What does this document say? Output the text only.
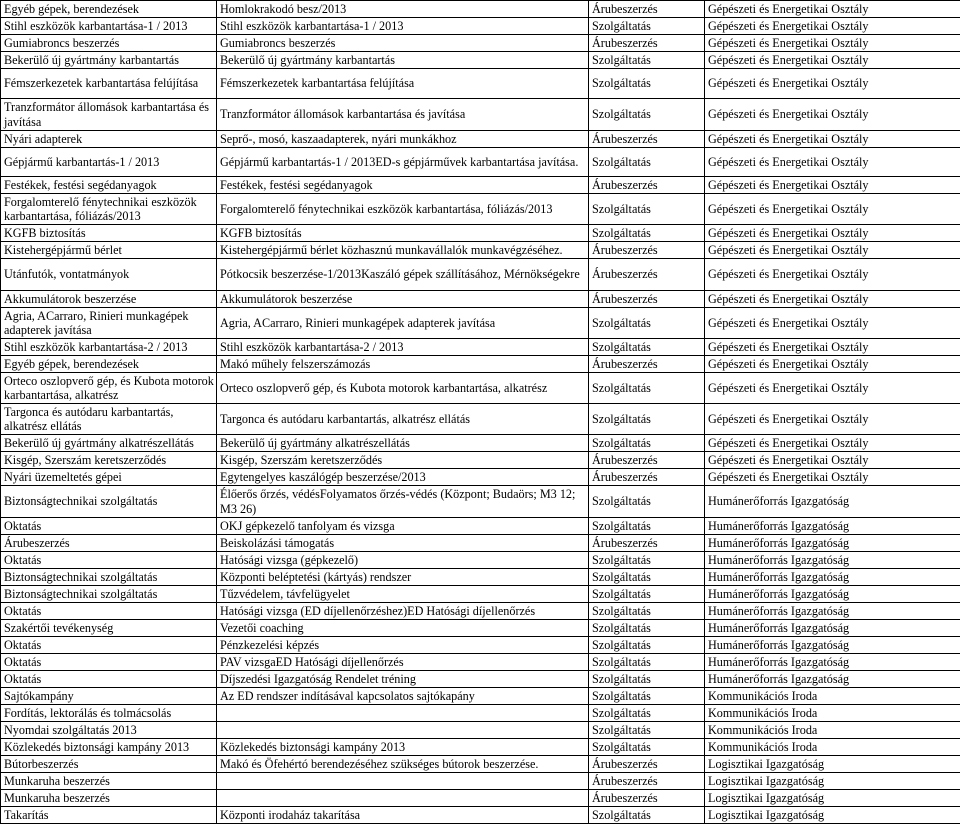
Egyéb gépek, berendezések	Homlokrakodó besz/2013	Árubeszerzés	Gépészeti és Energetikai Osztály
Stihl eszközök karbantartása-1 / 2013	Stihl eszközök karbantartása-1 / 2013	Szolgáltatás	Gépészeti és Energetikai Osztály
Gumiabroncs beszerzés	Gumiabroncs beszerzés	Árubeszerzés	Gépészeti és Energetikai Osztály
Bekerülő új gyártmány karbantartás	Bekerülő új gyártmány karbantartás	Szolgáltatás	Gépészeti és Energetikai Osztály
Fémszerkezetek karbantartása felújítása	Fémszerkezetek karbantartása felújítása	Szolgáltatás	Gépészeti és Energetikai Osztály
Tranzformátor állomások karbantartása és javítása	Tranzformátor állomások karbantartása és javítása	Szolgáltatás	Gépészeti és Energetikai Osztály
Nyári adapterek	Seprő-, mosó, kaszaadapterek, nyári munkákhoz	Árubeszerzés	Gépészeti és Energetikai Osztály
Gépjármű karbantartás-1 / 2013	Gépjármű karbantartás-1 / 2013ED-s gépjárművek karbantartása javítása.	Szolgáltatás	Gépészeti és Energetikai Osztály
Festékek, festési segédanyagok	Festékek, festési segédanyagok	Árubeszerzés	Gépészeti és Energetikai Osztály
Forgalomterelő fénytechnikai eszközök karbantartása, fóliázás/2013	Forgalomterelő fénytechnikai eszközök karbantartása, fóliázás/2013	Szolgáltatás	Gépészeti és Energetikai Osztály
KGFB biztosítás	KGFB biztosítás	Szolgáltatás	Gépészeti és Energetikai Osztály
Kistehergépjármű bérlet	Kistehergépjármű bérlet közhasznú munkavállalók munkavégzéséhez.	Árubeszerzés	Gépészeti és Energetikai Osztály
Utánfutók, vontatmányok	Pótkocsik beszerzése-1/2013Kaszáló gépek szállításához, Mérnökségekre	Árubeszerzés	Gépészeti és Energetikai Osztály
Akkumulátorok beszerzése	Akkumulátorok beszerzése	Árubeszerzés	Gépészeti és Energetikai Osztály
Agria, ACarraro, Rinieri munkagépek adapterek javítása	Agria, ACarraro, Rinieri munkagépek adapterek javítása	Szolgáltatás	Gépészeti és Energetikai Osztály
Stihl eszközök karbantartása-2 / 2013	Stihl eszközök karbantartása-2 / 2013	Szolgáltatás	Gépészeti és Energetikai Osztály
Egyéb gépek, berendezések	Makó műhely felszerszámozás	Árubeszerzés	Gépészeti és Energetikai Osztály
Orteco oszlopverő gép, és Kubota motorok karbantartása, alkatrész	Orteco oszlopverő gép, és Kubota motorok karbantartása, alkatrész	Szolgáltatás	Gépészeti és Energetikai Osztály
Targonca és autódaru karbantartás, alkatrész ellátás	Targonca és autódaru karbantartás, alkatrész ellátás	Szolgáltatás	Gépészeti és Energetikai Osztály
Bekerülő új gyártmány alkatrészellátás	Bekerülő új gyártmány alkatrészellátás	Szolgáltatás	Gépészeti és Energetikai Osztály
Kisgép, Szerszám keretszerződés	Kisgép, Szerszám keretszerződés	Árubeszerzés	Gépészeti és Energetikai Osztály
Nyári üzemeltetés gépei	Egytengelyes kaszálógép beszerzése/2013	Árubeszerzés	Gépészeti és Energetikai Osztály
Biztonságtechnikai szolgáltatás	Élőerős őrzés, védésFolyamatos őrzés-védés (Központ; Budaörs; M3 12; M3 26)	Szolgáltatás	Humánerőforrás Igazgatóság
Oktatás	OKJ gépkezelő tanfolyam és vizsga	Szolgáltatás	Humánerőforrás Igazgatóság
Árubeszerzés	Beiskolázási támogatás	Árubeszerzés	Humánerőforrás Igazgatóság
Oktatás	Hatósági vizsga (gépkezelő)	Szolgáltatás	Humánerőforrás Igazgatóság
Biztonságtechnikai szolgáltatás	Központi beléptetési (kártyás) rendszer	Szolgáltatás	Humánerőforrás Igazgatóság
Biztonságtechnikai szolgáltatás	Tűzvédelem, távfelügyelet	Szolgáltatás	Humánerőforrás Igazgatóság
Oktatás	Hatósági vizsga (ED díjellenőrzéshez)ED Hatósági díjellenőrzés	Szolgáltatás	Humánerőforrás Igazgatóság
Szakértői tevékenység	Vezetői coaching	Szolgáltatás	Humánerőforrás Igazgatóság
Oktatás	Pénzkezelési képzés	Szolgáltatás	Humánerőforrás Igazgatóság
Oktatás	PAV vizsgaED Hatósági díjellenőrzés	Szolgáltatás	Humánerőforrás Igazgatóság
Oktatás	Díjszedési Igazgatóság Rendelet tréning	Szolgáltatás	Humánerőforrás Igazgatóság
Sajtókampány	Az ED rendszer indításával kapcsolatos sajtókapány	Szolgáltatás	Kommunikációs Iroda
Fordítás, lektorálás és tolmácsolás		Szolgáltatás	Kommunikációs Iroda
Nyomdai szolgáltatás 2013		Szolgáltatás	Kommunikációs Iroda
Közlekedés biztonsági kampány 2013	Közlekedés biztonsági kampány 2013	Szolgáltatás	Kommunikációs Iroda
Bútorbeszerzés	Makó és Öfehértó berendezéséhez szükséges bútorok beszerzése.	Árubeszerzés	Logisztikai Igazgatóság
Munkaruha beszerzés		Árubeszerzés	Logisztikai Igazgatóság
Munkaruha beszerzés		Árubeszerzés	Logisztikai Igazgatóság
Takarítás	Központi irodaház takarítása	Szolgáltatás	Logisztikai Igazgatóság
